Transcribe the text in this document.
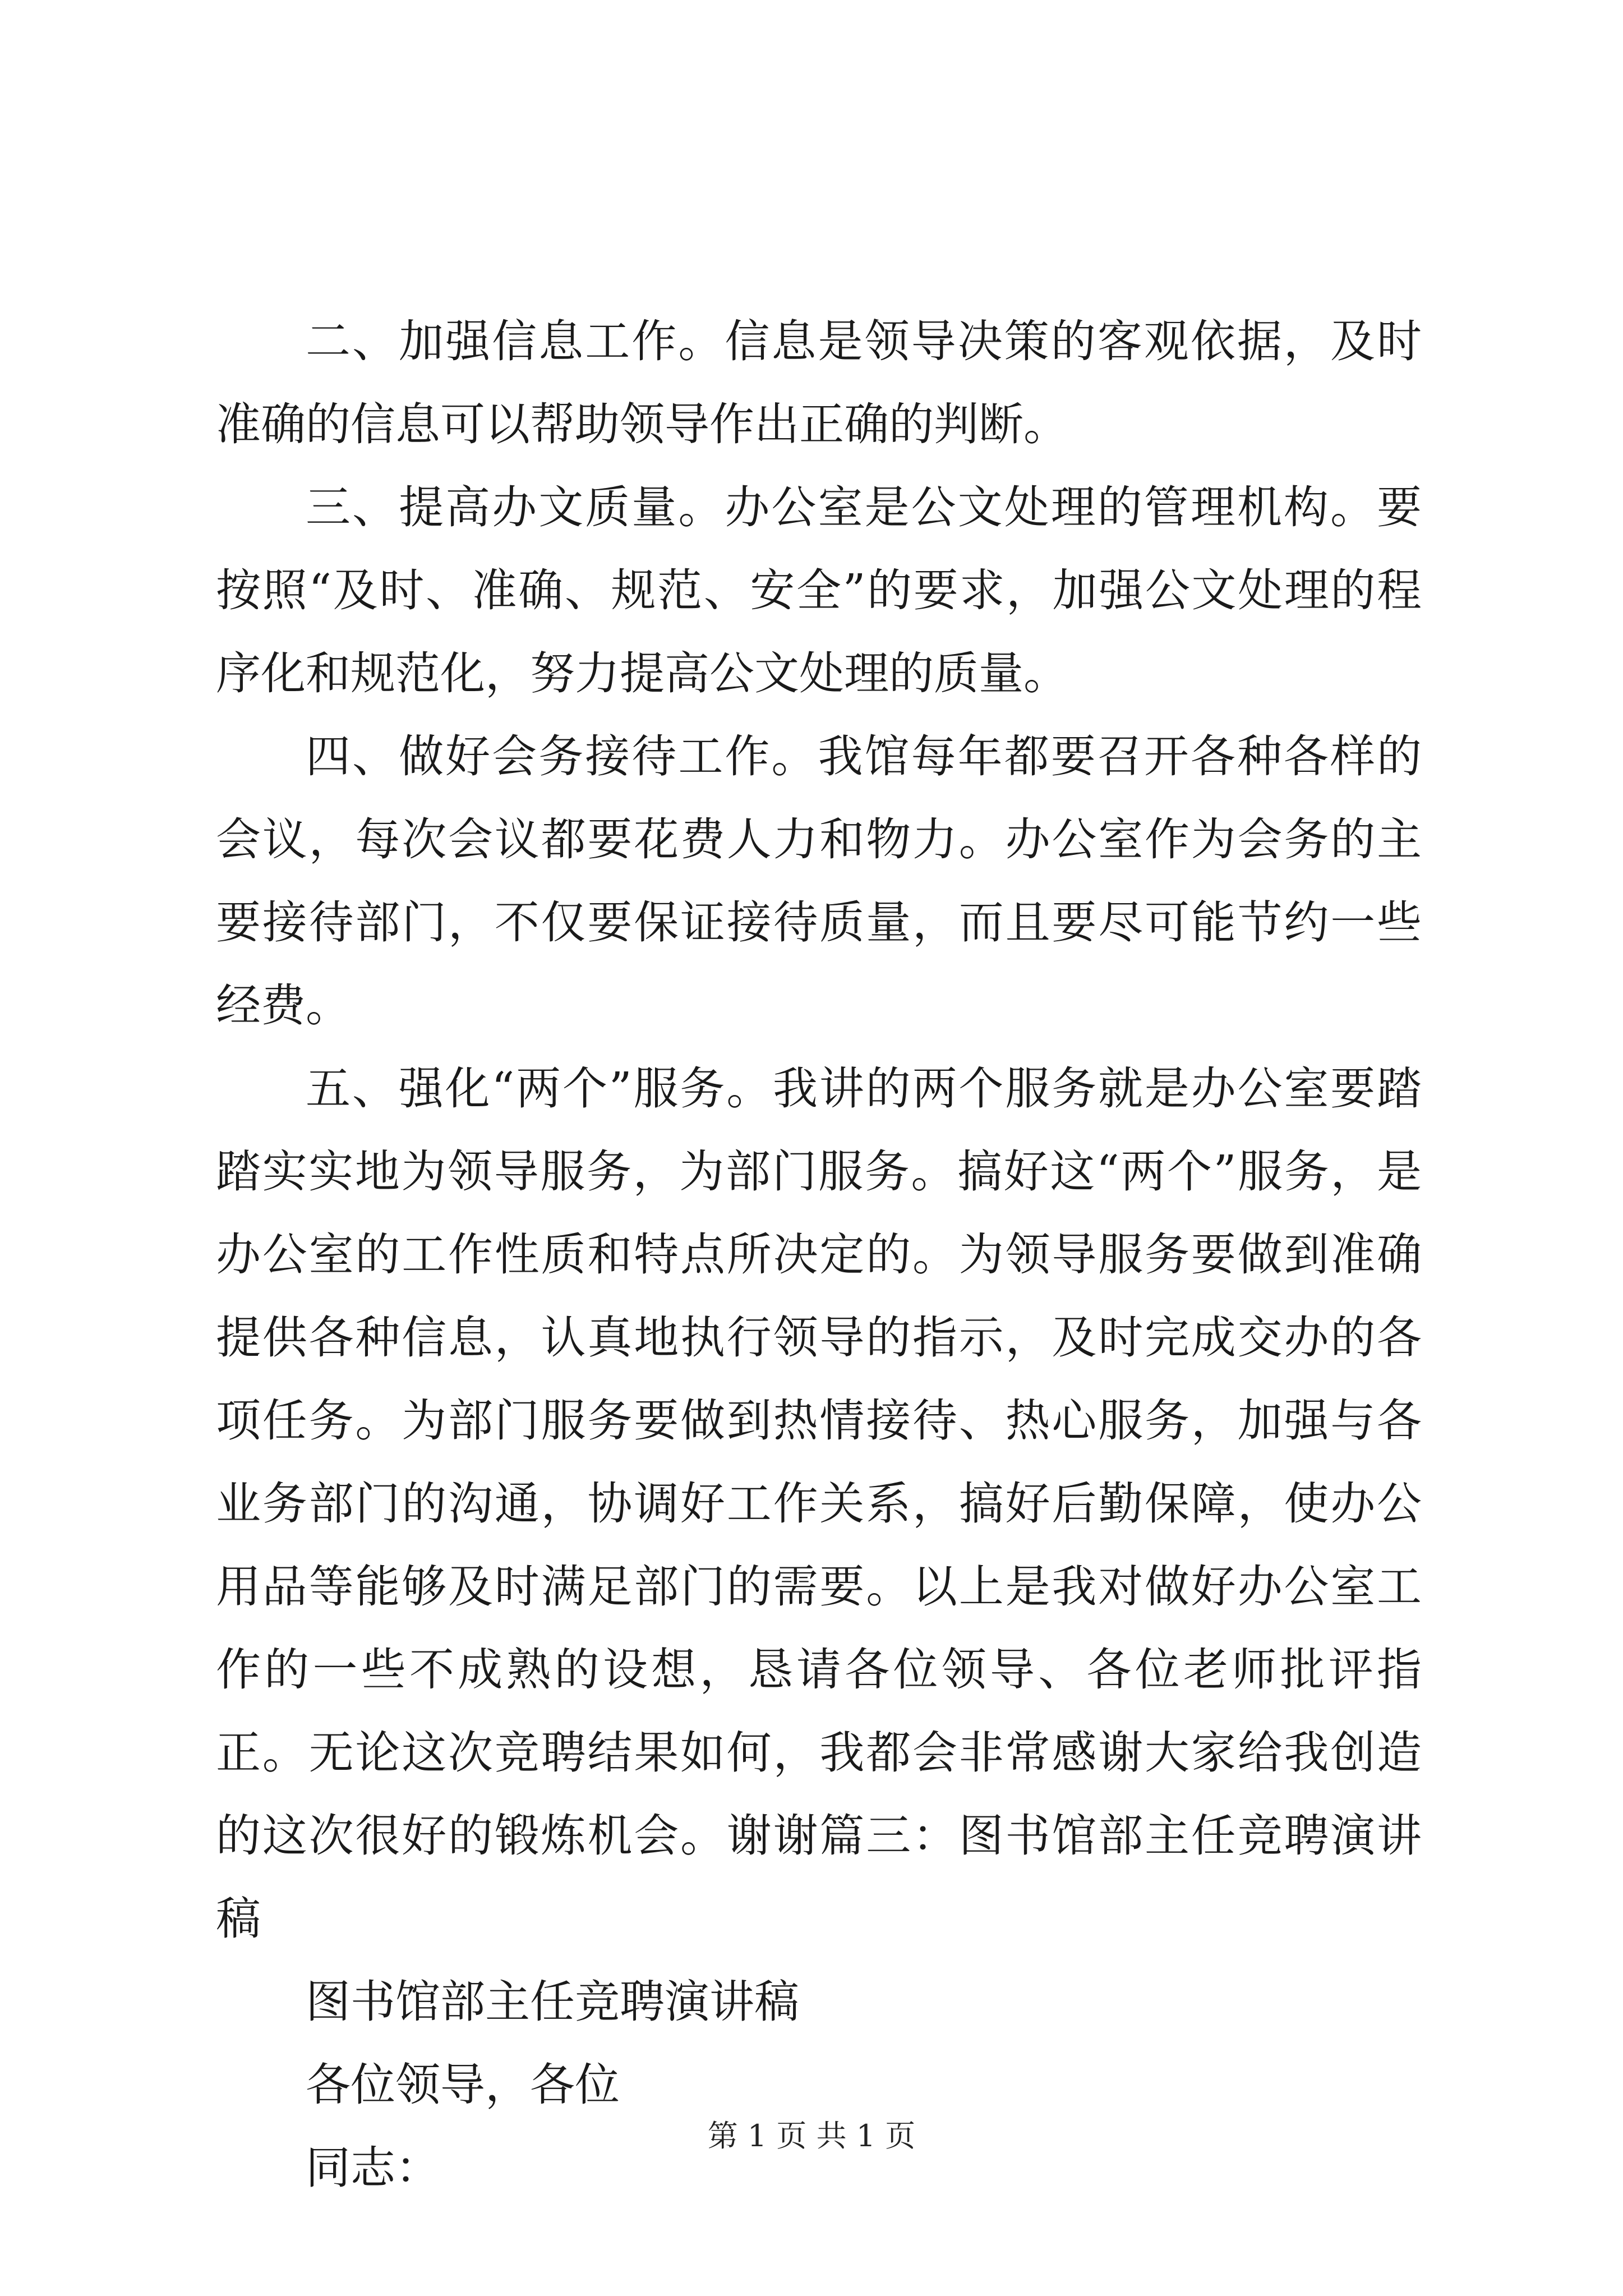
二、加强信息工作。信息是领导决策的客观依据，及时准确的信息可以帮助领导作出正确的判断。

三、提高办文质量。办公室是公文处理的管理机构。要按照“及时、准确、规范、安全”的要求，加强公文处理的程序化和规范化，努力提高公文处理的质量。

四、做好会务接待工作。我馆每年都要召开各种各样的会议，每次会议都要花费人力和物力。办公室作为会务的主要接待部门，不仅要保证接待质量，而且要尽可能节约一些经费。

五、强化“两个”服务。我讲的两个服务就是办公室要踏踏实实地为领导服务，为部门服务。搞好这“两个”服务，是办公室的工作性质和特点所决定的。为领导服务要做到准确提供各种信息，认真地执行领导的指示，及时完成交办的各项任务。为部门服务要做到热情接待、热心服务，加强与各业务部门的沟通，协调好工作关系，搞好后勤保障，使办公用品等能够及时满足部门的需要。以上是我对做好办公室工作的一些不成熟的设想，恳请各位领导、各位老师批评指正。无论这次竞聘结果如何，我都会非常感谢大家给我创造的这次很好的锻炼机会。谢谢篇三：图书馆部主任竞聘演讲稿

图书馆部主任竞聘演讲稿

各位领导，各位

同志：

第 1 页 共 1 页
